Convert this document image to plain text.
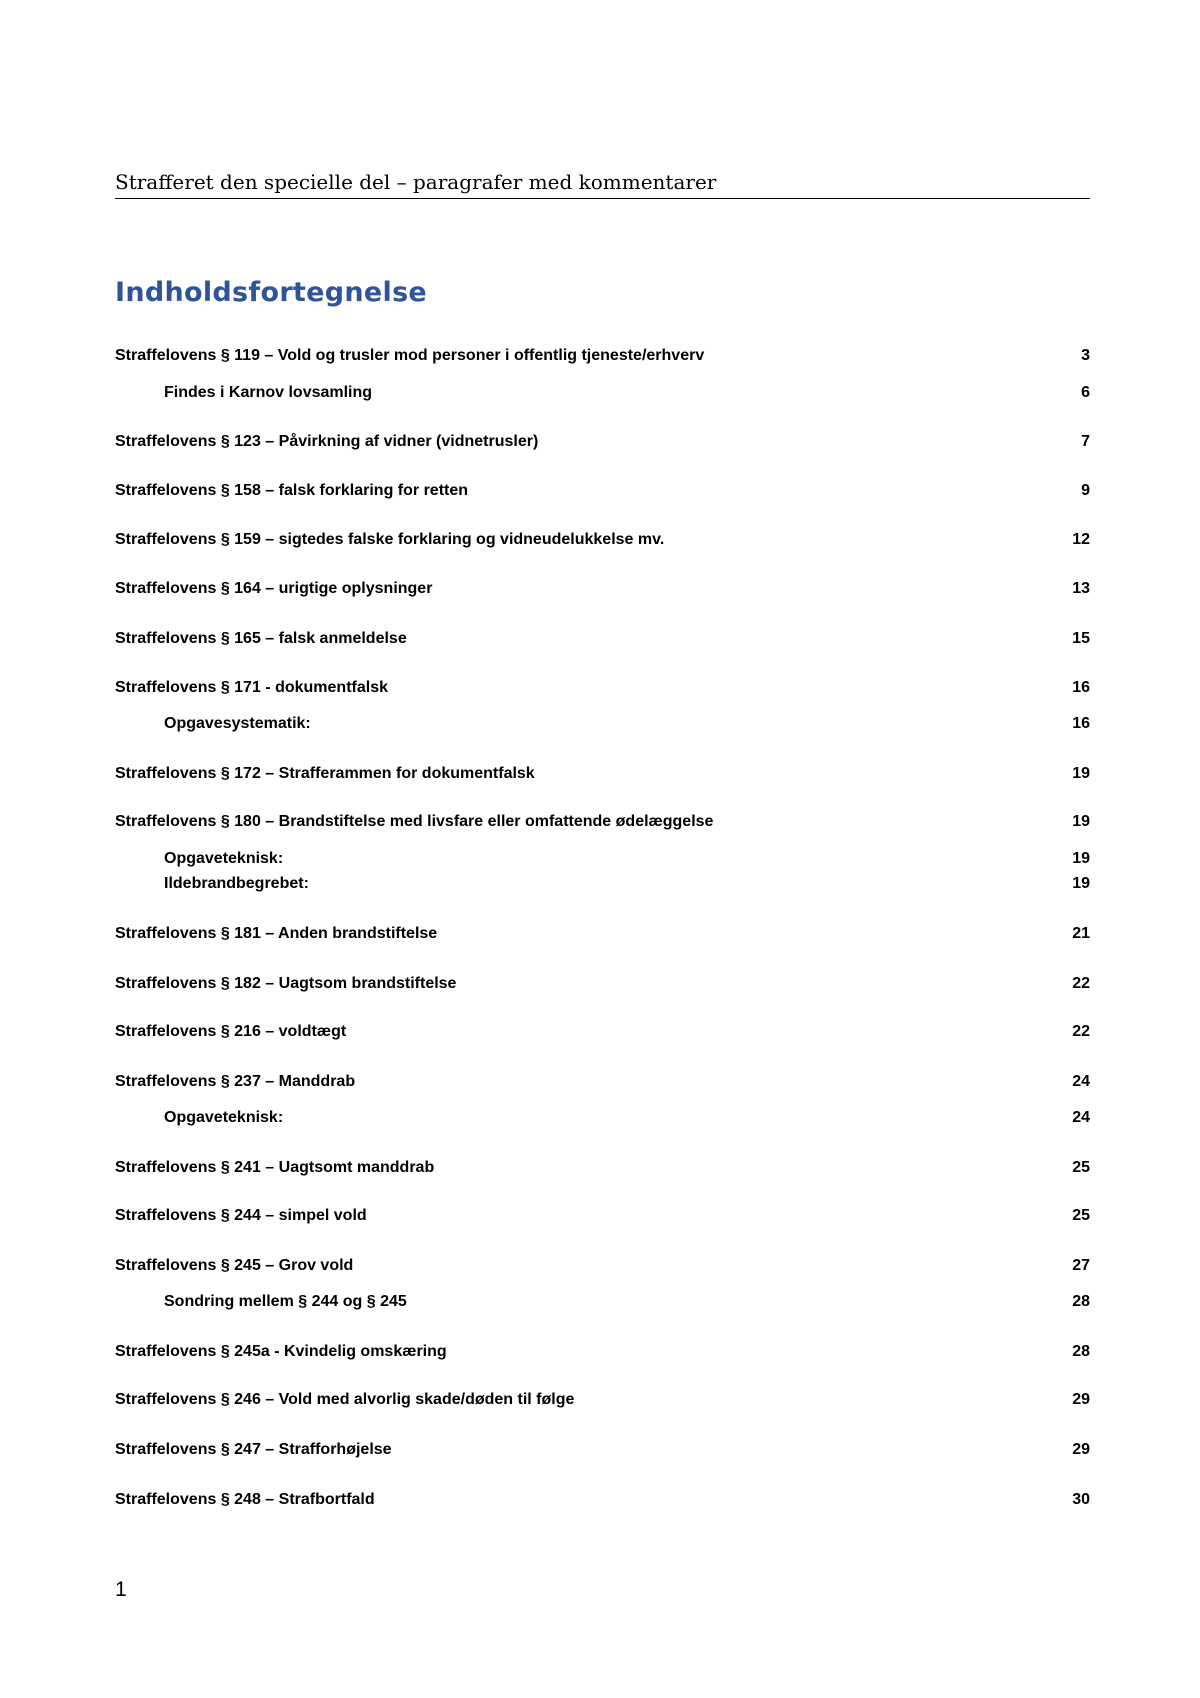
Strafferet den specielle del – paragrafer med kommentarer
Indholdsfortegnelse
Straffelovens § 119 – Vold og trusler mod personer i offentlig tjeneste/erhverv	3
Findes i Karnov lovsamling	6
Straffelovens § 123 – Påvirkning af vidner (vidnetrusler)	7
Straffelovens § 158 – falsk forklaring for retten	9
Straffelovens § 159 – sigtedes falske forklaring og vidneudelukkelse mv.	12
Straffelovens § 164 – urigtige oplysninger	13
Straffelovens § 165 – falsk anmeldelse	15
Straffelovens § 171 - dokumentfalsk	16
Opgavesystematik:	16
Straffelovens § 172 – Strafferammen for dokumentfalsk	19
Straffelovens § 180 – Brandstiftelse med livsfare eller omfattende ødelæggelse	19
Opgaveteknisk:	19
Ildebrandbegrebet:	19
Straffelovens § 181 – Anden brandstiftelse	21
Straffelovens § 182 – Uagtsom brandstiftelse	22
Straffelovens § 216 – voldtægt	22
Straffelovens § 237 – Manddrab	24
Opgaveteknisk:	24
Straffelovens § 241 – Uagtsomt manddrab	25
Straffelovens § 244 – simpel vold	25
Straffelovens § 245 – Grov vold	27
Sondring mellem § 244 og § 245	28
Straffelovens § 245a - Kvindelig omskæring	28
Straffelovens § 246 – Vold med alvorlig skade/døden til følge	29
Straffelovens § 247 – Strafforhøjelse	29
Straffelovens § 248 – Strafbortfald	30
1
